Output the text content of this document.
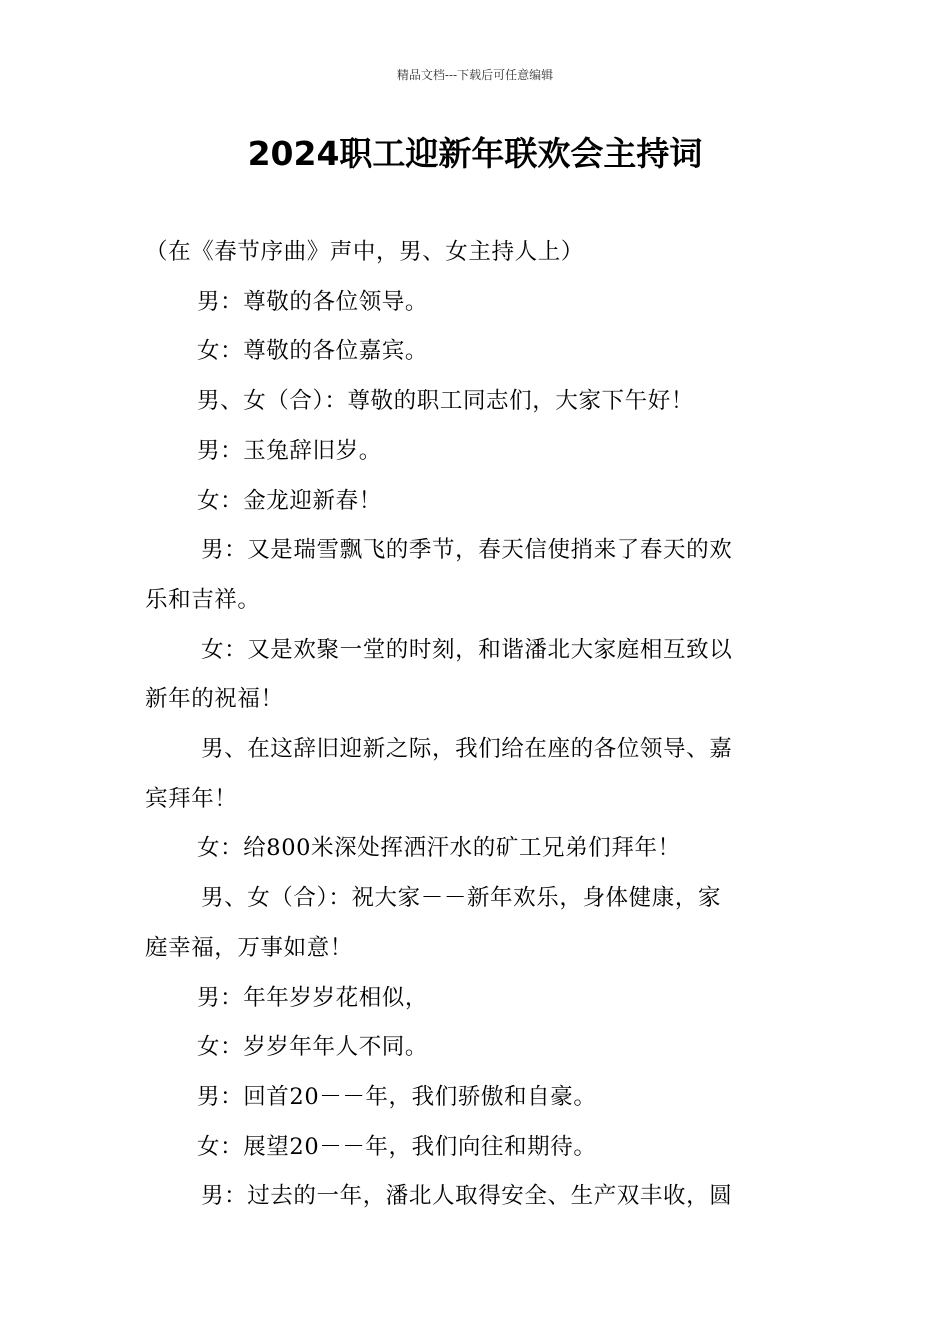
精品文档---下载后可任意编辑
2024职工迎新年联欢会主持词
（在《春节序曲》声中，男、女主持人上）
男：尊敬的各位领导。
女：尊敬的各位嘉宾。
男、女（合）：尊敬的职工同志们，大家下午好！
男：玉兔辞旧岁。
女：金龙迎新春！
男：又是瑞雪飘飞的季节，春天信使捎来了春天的欢
乐和吉祥。
女：又是欢聚一堂的时刻，和谐潘北大家庭相互致以
新年的祝福！
男、在这辞旧迎新之际，我们给在座的各位领导、嘉
宾拜年！
女：给800米深处挥洒汗水的矿工兄弟们拜年！
男、女（合）：祝大家－－新年欢乐，身体健康，家
庭幸福，万事如意！
男：年年岁岁花相似，
女：岁岁年年人不同。
男：回首20－－年，我们骄傲和自豪。
女：展望20－－年，我们向往和期待。
男：过去的一年，潘北人取得安全、生产双丰收，圆
